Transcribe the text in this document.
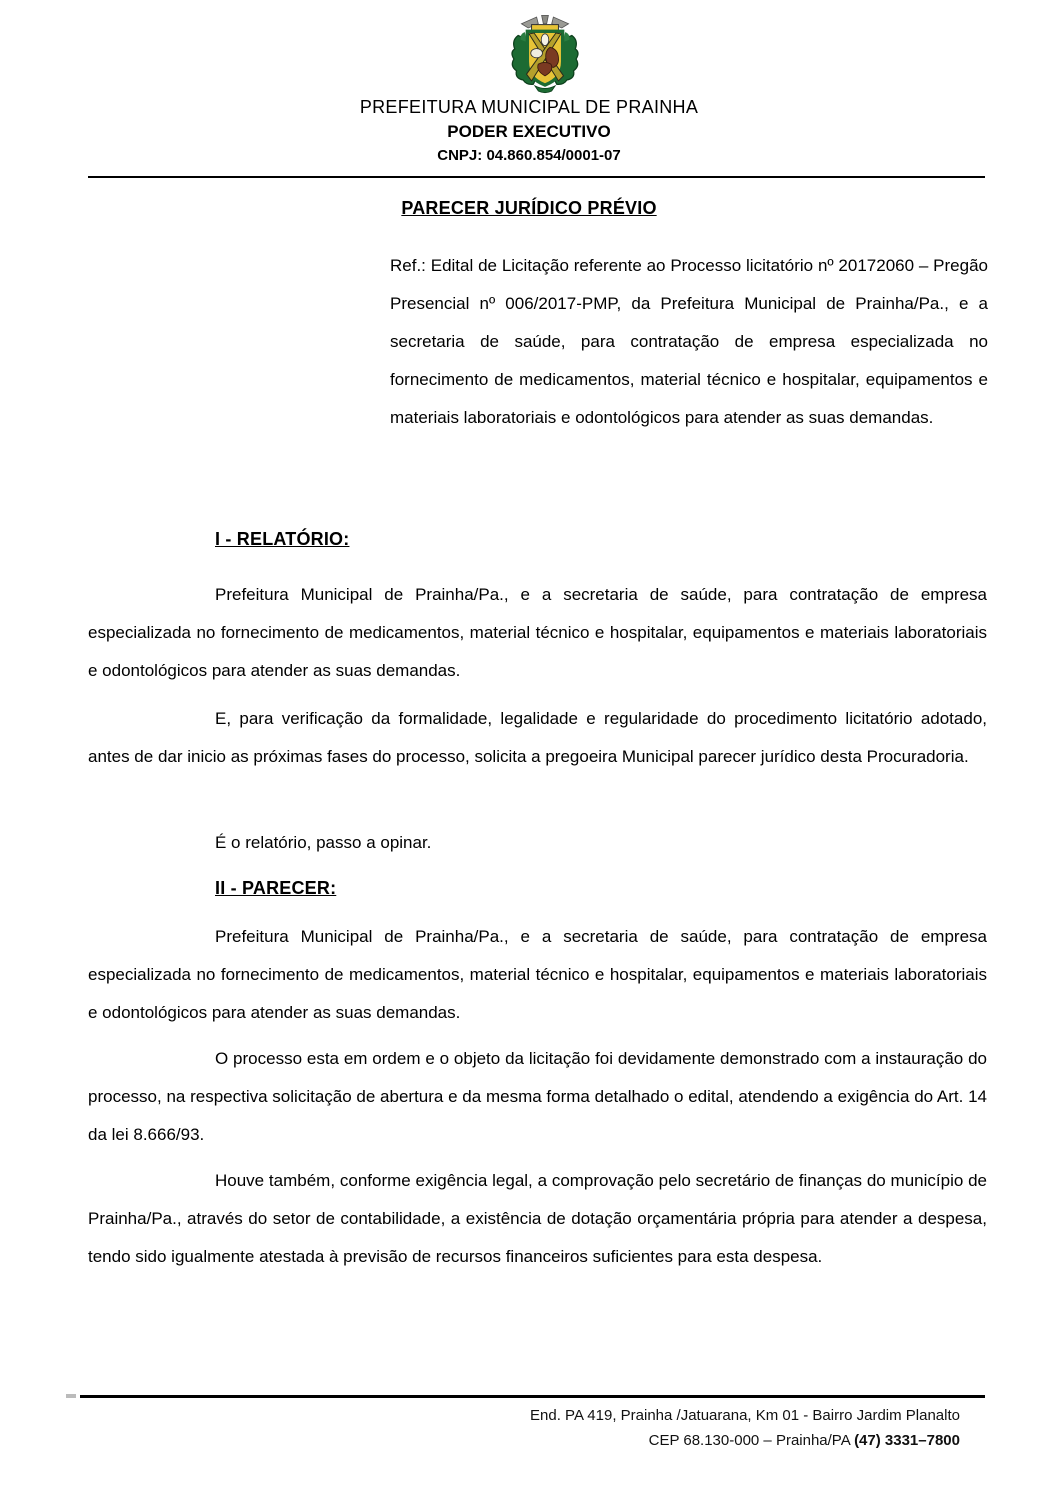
PREFEITURA MUNICIPAL DE PRAINHA
PODER EXECUTIVO
CNPJ: 04.860.854/0001-07
PARECER JURÍDICO PRÉVIO
Ref.: Edital de Licitação referente ao Processo licitatório nº 20172060 – Pregão Presencial nº 006/2017-PMP, da Prefeitura Municipal de Prainha/Pa., e a secretaria de saúde, para contratação de empresa especializada no fornecimento de medicamentos, material técnico e hospitalar, equipamentos e materiais laboratoriais e odontológicos para atender as suas demandas.
I - RELATÓRIO:

Prefeitura Municipal de Prainha/Pa., e a secretaria de saúde, para contratação de empresa especializada no fornecimento de medicamentos, material técnico e hospitalar, equipamentos e materiais laboratoriais e odontológicos para atender as suas demandas.

E, para verificação da formalidade, legalidade e regularidade do procedimento licitatório adotado, antes de dar inicio as próximas fases do processo, solicita a pregoeira Municipal parecer jurídico desta Procuradoria.

É o relatório, passo a opinar.

II - PARECER:

Prefeitura Municipal de Prainha/Pa., e a secretaria de saúde, para contratação de empresa especializada no fornecimento de medicamentos, material técnico e hospitalar, equipamentos e materiais laboratoriais e odontológicos para atender as suas demandas.

O processo esta em ordem e o objeto da licitação foi devidamente demonstrado com a instauração do processo, na respectiva solicitação de abertura e da mesma forma detalhado o edital, atendendo a exigência do Art. 14 da lei 8.666/93.

Houve também, conforme exigência legal, a comprovação pelo secretário de finanças do município de Prainha/Pa., através do setor de contabilidade, a existência de dotação orçamentária própria para atender a despesa, tendo sido igualmente atestada à previsão de recursos financeiros suficientes para esta despesa.

End. PA 419, Prainha /Jatuarana, Km 01 - Bairro Jardim Planalto
CEP 68.130-000 – Prainha/PA (47) 3331–7800
